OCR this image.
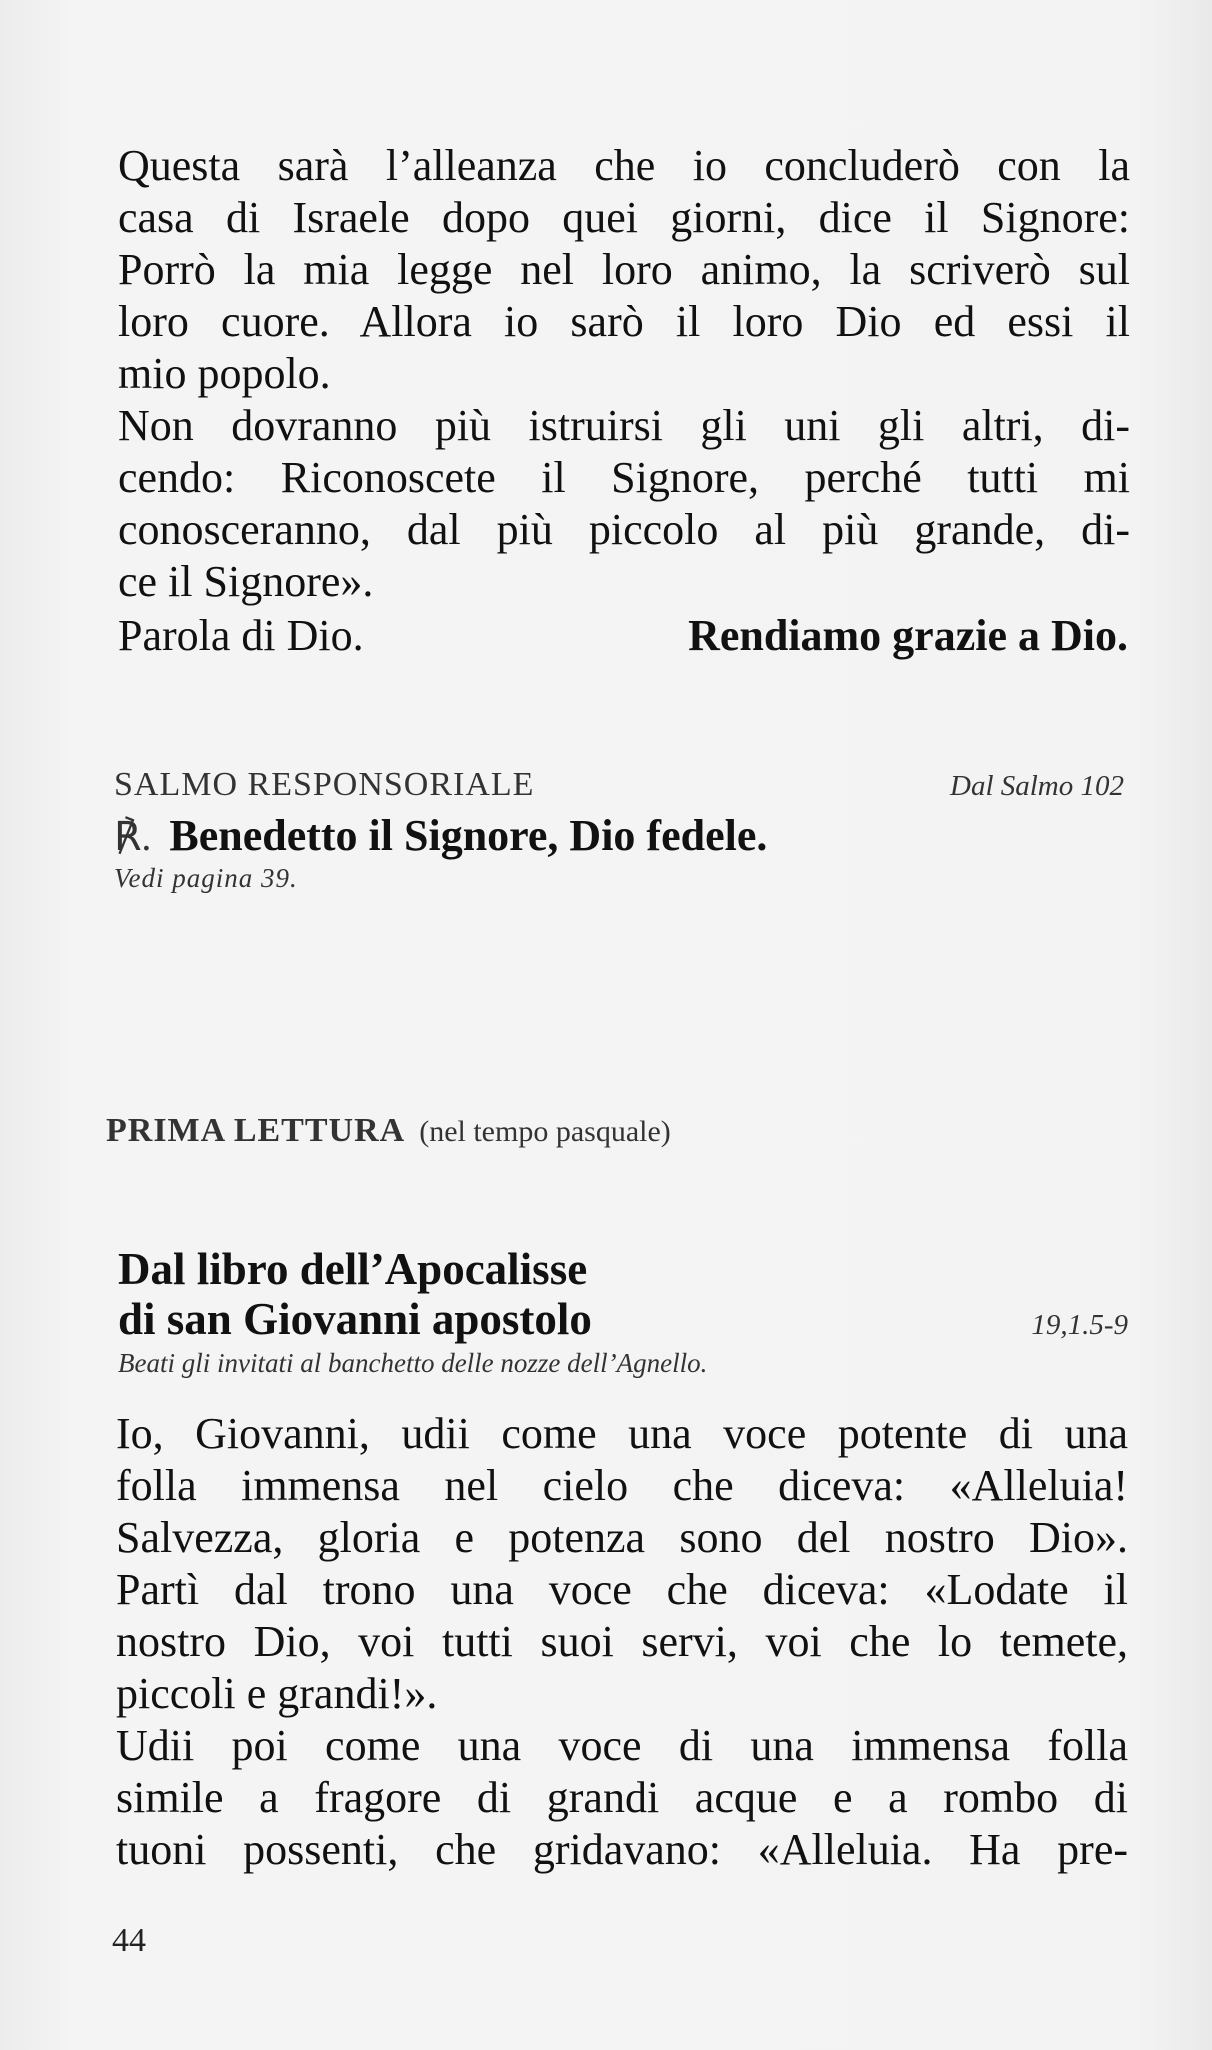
Questa sarà l’alleanza che io concluderò con la
casa di Israele dopo quei giorni, dice il Signore:
Porrò la mia legge nel loro animo, la scriverò sul
loro cuore. Allora io sarò il loro Dio ed essi il
mio popolo.
Non dovranno più istruirsi gli uni gli altri, di-
cendo: Riconoscete il Signore, perché tutti mi
conosceranno, dal più piccolo al più grande, di-
ce il Signore».
Parola di Dio.	Rendiamo grazie a Dio.
SALMO RESPONSORIALE	Dal Salmo 102
℟. Benedetto il Signore, Dio fedele.
Vedi pagina 39.
PRIMA LETTURA (nel tempo pasquale)
Dal libro dell’Apocalisse
di san Giovanni apostolo	19,1.5-9
Beati gli invitati al banchetto delle nozze dell’Agnello.
Io, Giovanni, udii come una voce potente di una
folla immensa nel cielo che diceva: «Alleluia!
Salvezza, gloria e potenza sono del nostro Dio».
Partì dal trono una voce che diceva: «Lodate il
nostro Dio, voi tutti suoi servi, voi che lo temete,
piccoli e grandi!».
Udii poi come una voce di una immensa folla
simile a fragore di grandi acque e a rombo di
tuoni possenti, che gridavano: «Alleluia. Ha pre-
44
